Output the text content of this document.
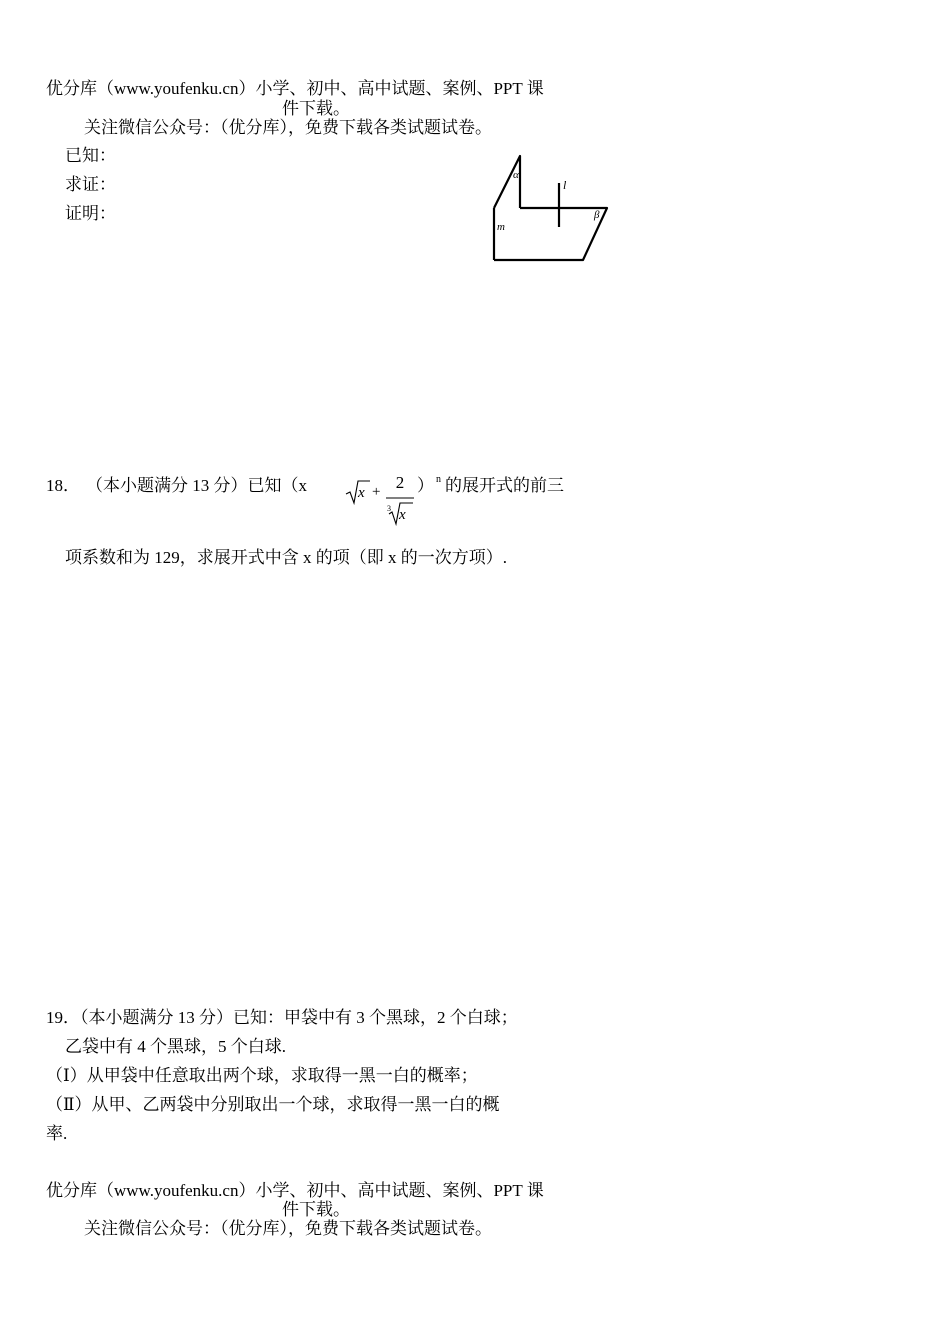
优分库（www.youfenku.cn）小学、初中、高中试题、案例、PPT 课
件下载。
关注微信公众号：（优分库），免费下载各类试题试卷。
已知：
求证：
证明：
α
m
l
β
18． （本小题满分 13 分）已知（x	x + 2
3 x
） n 的展开式的前三
项系数和为 129，求展开式中含 x 的项（即 x 的一次方项）.
19．（本小题满分 13 分）已知：甲袋中有 3 个黑球，2 个白球；
乙袋中有 4 个黑球，5 个白球.
（Ⅰ）从甲袋中任意取出两个球，求取得一黑一白的概率；
（Ⅱ）从甲、乙两袋中分别取出一个球，求取得一黑一白的概
率.
优分库（www.youfenku.cn）小学、初中、高中试题、案例、PPT 课
件下载。
关注微信公众号：（优分库），免费下载各类试题试卷。
